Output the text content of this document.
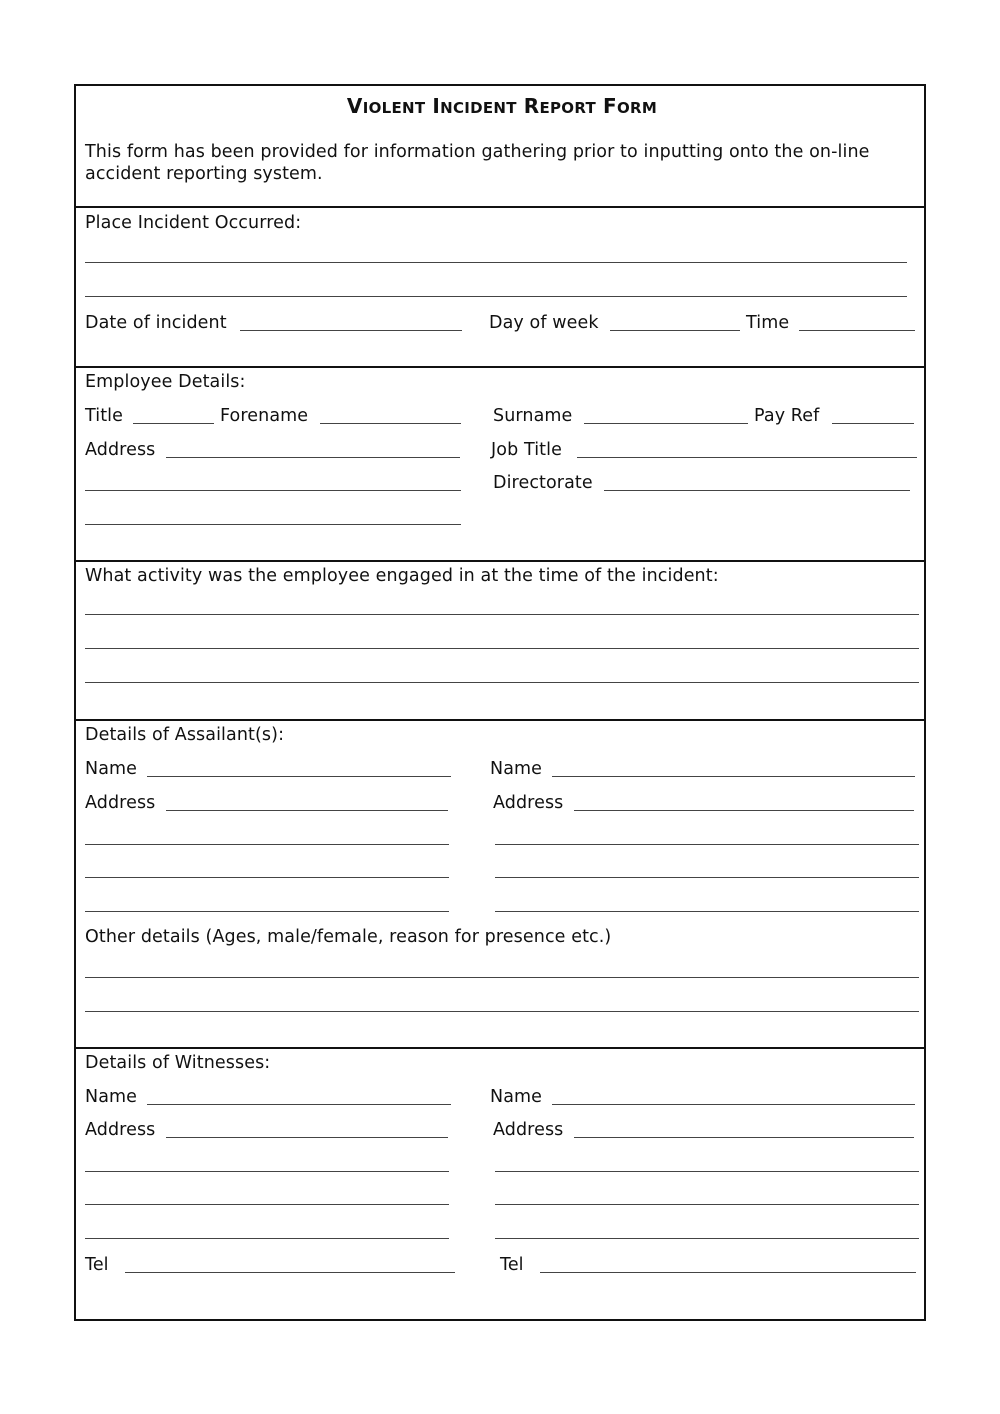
VIOLENT INCIDENT REPORT FORM
This form has been provided for information gathering prior to inputting onto the on-line
accident reporting system.
Place Incident Occurred:
Date of incident	Day of week	Time
Employee Details:
Title	Forename	Surname	Pay Ref
Address	Job Title
Directorate
What activity was the employee engaged in at the time of the incident:
Details of Assailant(s):
Name	Name
Address	Address
Other details (Ages, male/female, reason for presence etc.)
Details of Witnesses:
Name	Name
Address	Address
Tel	Tel
